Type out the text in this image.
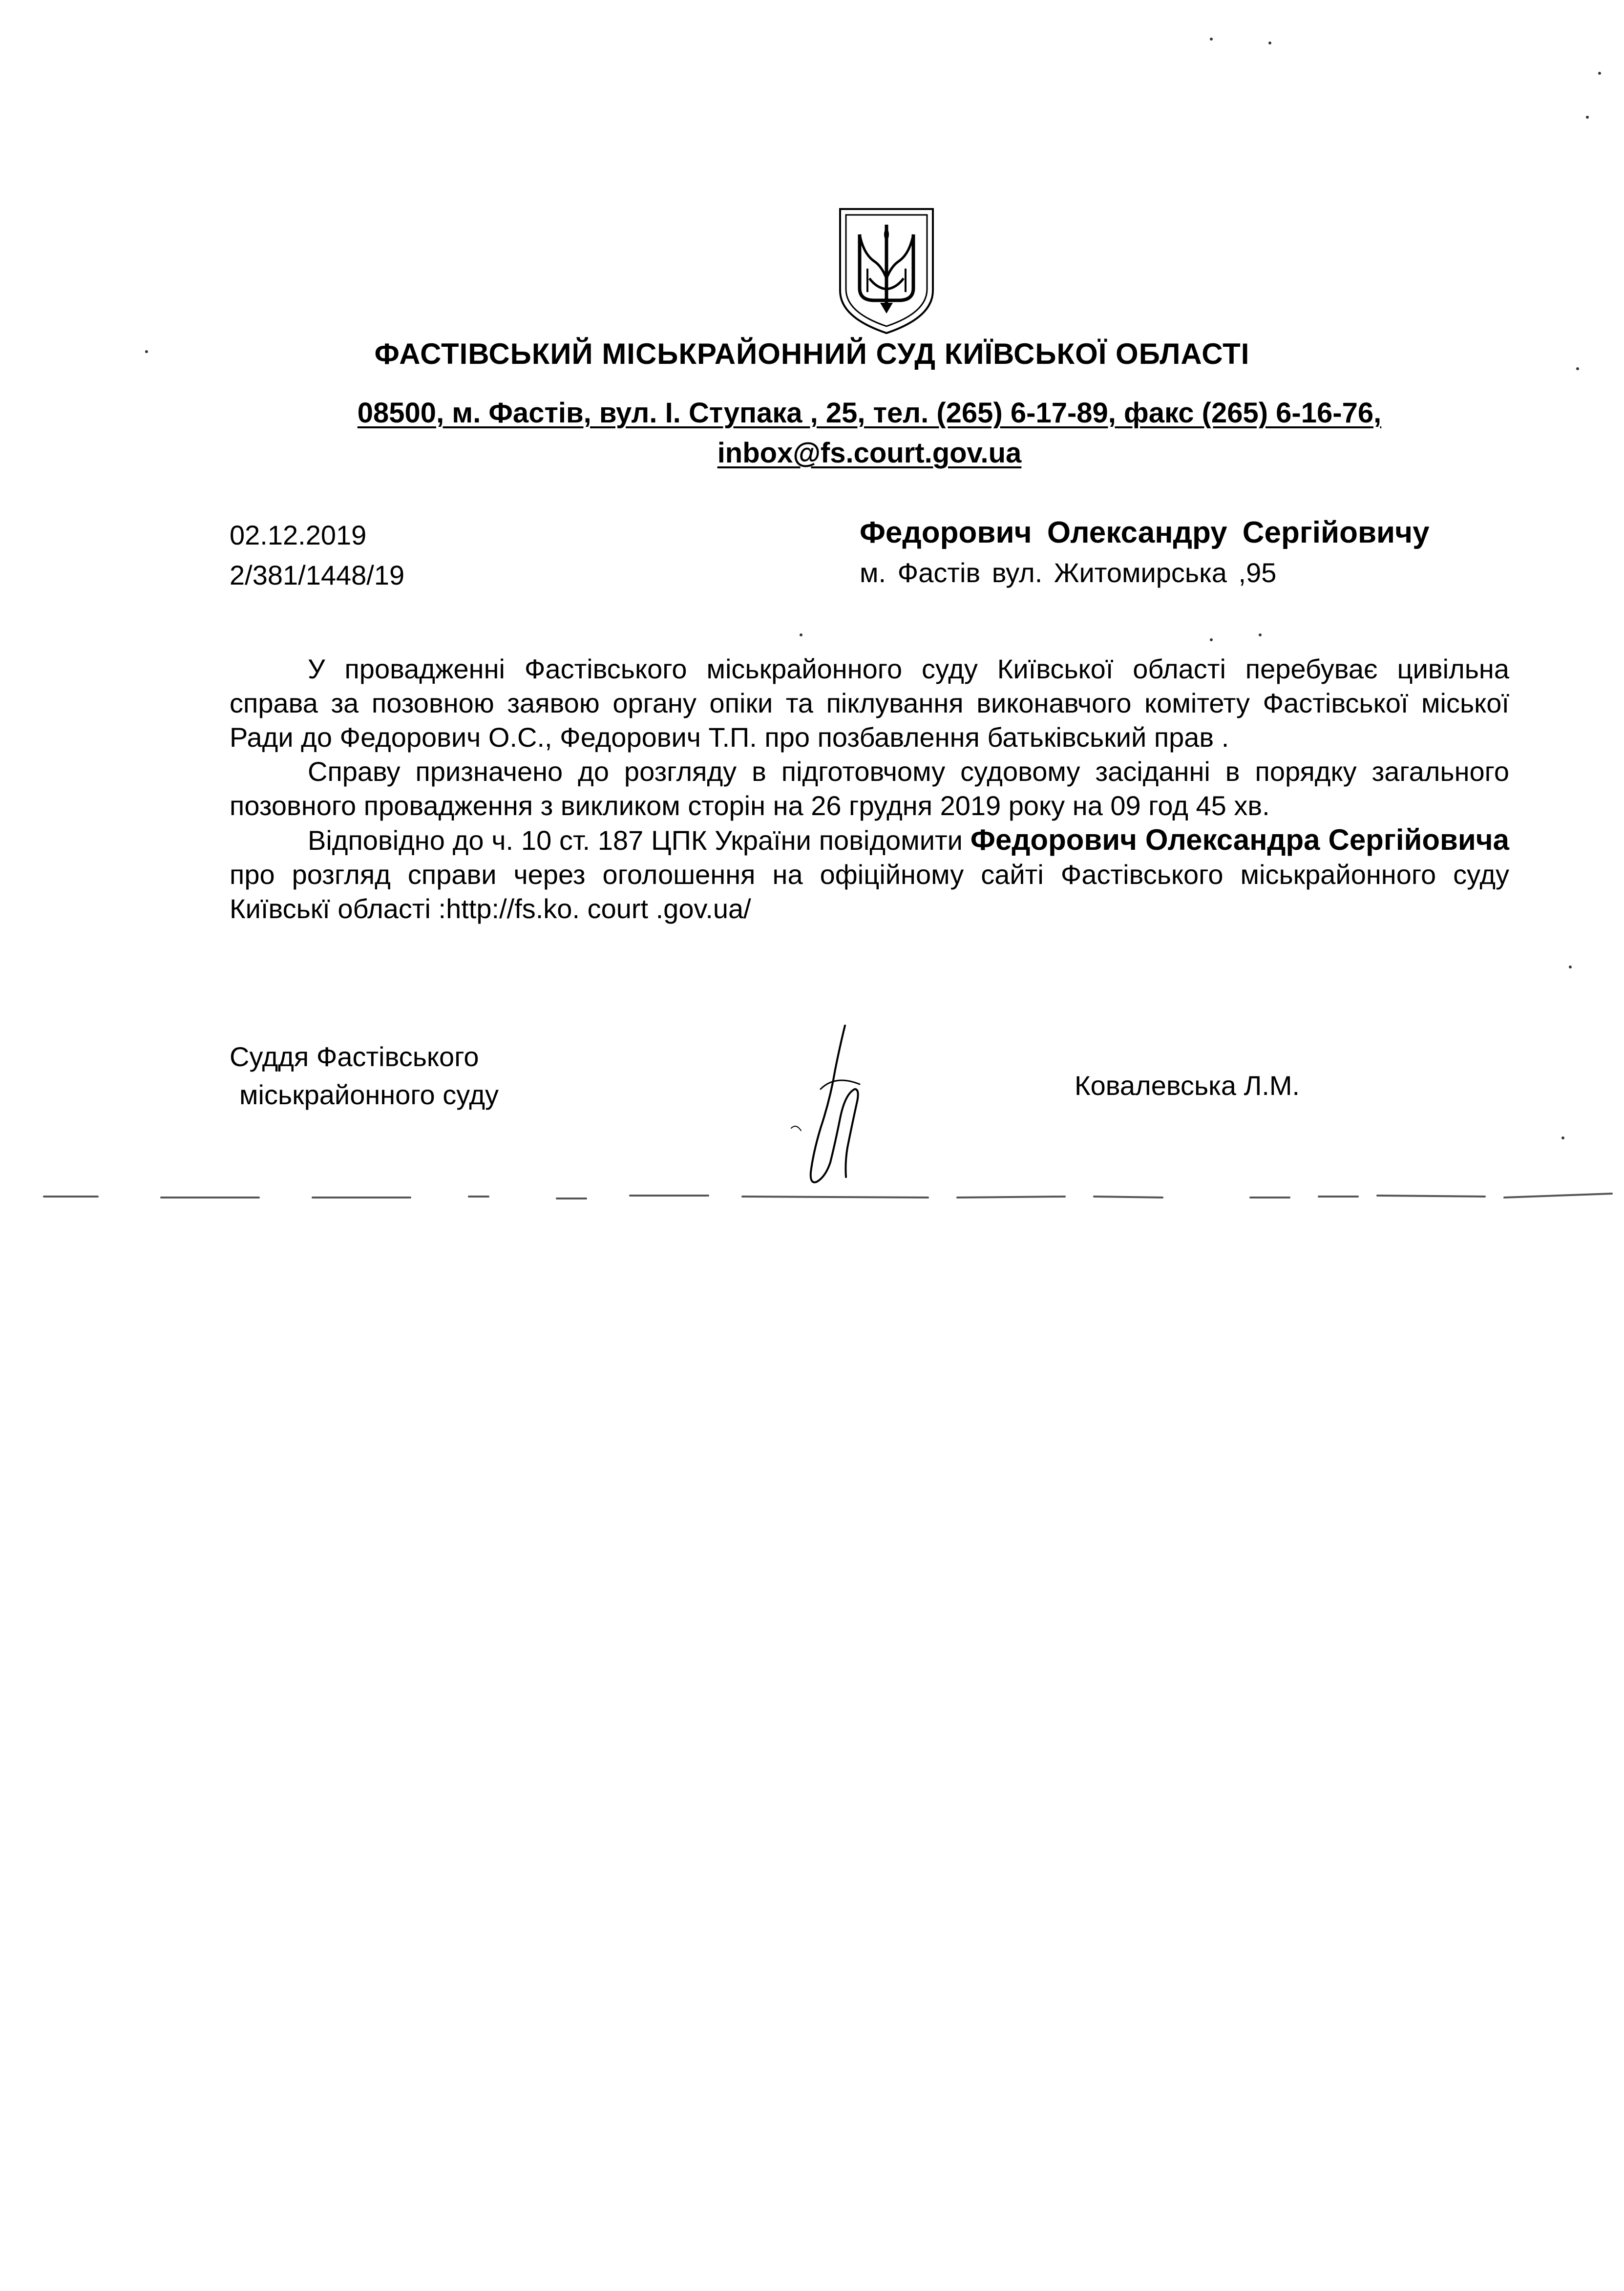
ФАСТІВСЬКИЙ МІСЬКРАЙОННИЙ СУД КИЇВСЬКОЇ ОБЛАСТІ
08500, м. Фастів, вул. І. Ступака , 25, тел. (265) 6-17-89, факс (265) 6-16-76,
inbox@fs.court.gov.ua
02.12.2019
2/381/1448/19
Федорович Олександру Сергійовичу
м. Фастів вул. Житомирська ,95

У провадженні Фастівського міськрайонного суду Київської області перебуває цивільна справа за позовною заявою органу опіки та піклування виконавчого комітету Фастівської міської Ради до Федорович О.С., Федорович Т.П. про позбавлення батьківський прав .

Справу призначено до розгляду в підготовчому судовому засіданні в порядку загального позовного провадження з викликом сторін на 26 грудня 2019 року на 09 год 45 хв.

Відповідно до ч. 10 ст. 187 ЦПК України повідомити Федорович Олександра Сергійовича про розгляд справи через оголошення на офіційному сайті Фастівського міськрайонного суду Київськї області :http://fs.ko. court .gov.ua/

Суддя Фастівського
міськрайонного суду	Ковалевська Л.М.
